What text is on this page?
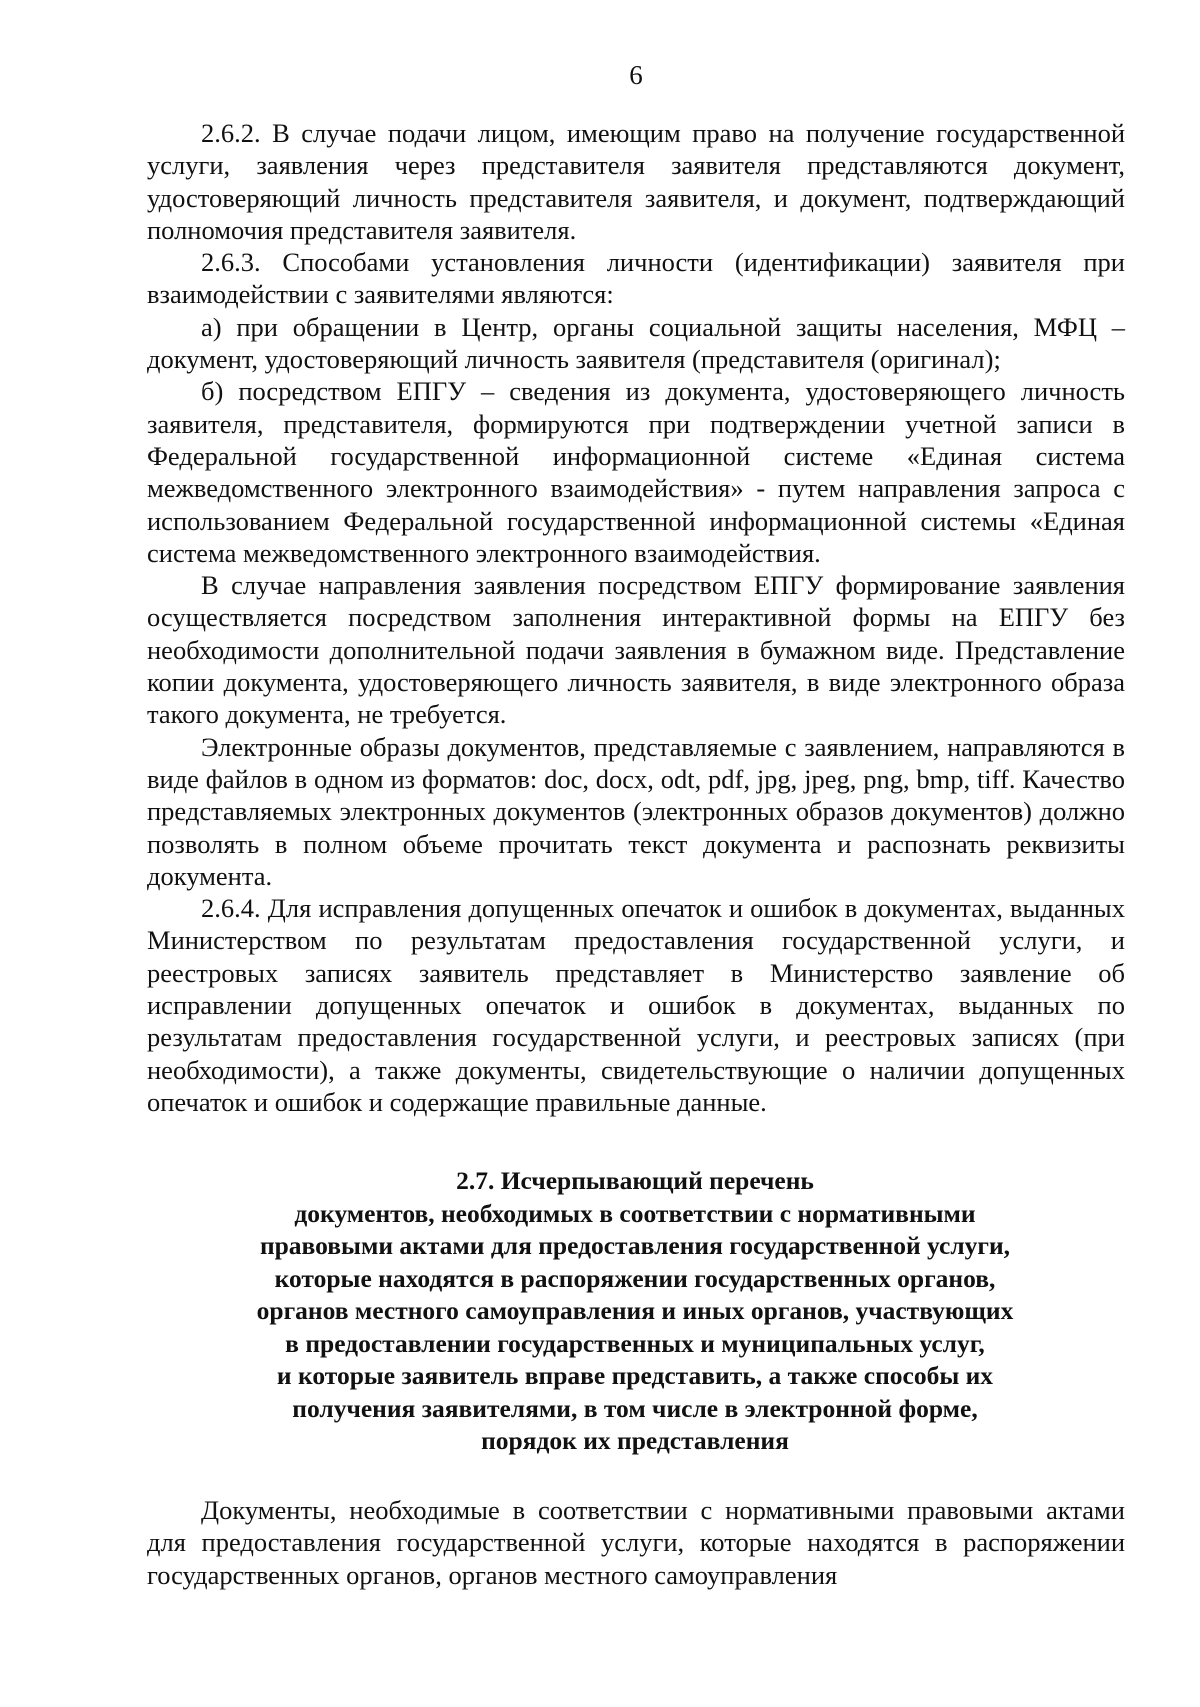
6

2.6.2. В случае подачи лицом, имеющим право на получение государственной услуги, заявления через представителя заявителя представляются документ, удостоверяющий личность представителя заявителя, и документ, подтверждающий полномочия представителя заявителя.

2.6.3. Способами установления личности (идентификации) заявителя при взаимодействии с заявителями являются:

а) при обращении в Центр, органы социальной защиты населения, МФЦ – документ, удостоверяющий личность заявителя (представителя (оригинал);

б) посредством ЕПГУ – сведения из документа, удостоверяющего личность заявителя, представителя, формируются при подтверждении учетной записи в Федеральной государственной информационной системе «Единая система межведомственного электронного взаимодействия» - путем направления запроса с использованием Федеральной государственной информационной системы «Единая система межведомственного электронного взаимодействия.

В случае направления заявления посредством ЕПГУ формирование заявления осуществляется посредством заполнения интерактивной формы на ЕПГУ без необходимости дополнительной подачи заявления в бумажном виде. Представление копии документа, удостоверяющего личность заявителя, в виде электронного образа такого документа, не требуется.

Электронные образы документов, представляемые с заявлением, направляются в виде файлов в одном из форматов: doc, docx, odt, pdf, jpg, jpeg, png, bmp, tiff. Качество представляемых электронных документов (электронных образов документов) должно позволять в полном объеме прочитать текст документа и распознать реквизиты документа.

2.6.4. Для исправления допущенных опечаток и ошибок в документах, выданных Министерством по результатам предоставления государственной услуги, и реестровых записях заявитель представляет в Министерство заявление об исправлении допущенных опечаток и ошибок в документах, выданных по результатам предоставления государственной услуги, и реестровых записях (при необходимости), а также документы, свидетельствующие о наличии допущенных опечаток и ошибок и содержащие правильные данные.

2.7. Исчерпывающий перечень
документов, необходимых в соответствии с нормативными
правовыми актами для предоставления государственной услуги,
которые находятся в распоряжении государственных органов,
органов местного самоуправления и иных органов, участвующих
в предоставлении государственных и муниципальных услуг,
и которые заявитель вправе представить, а также способы их
получения заявителями, в том числе в электронной форме,
порядок их представления

Документы, необходимые в соответствии с нормативными правовыми актами для предоставления государственной услуги, которые находятся в распоряжении государственных органов, органов местного самоуправления
